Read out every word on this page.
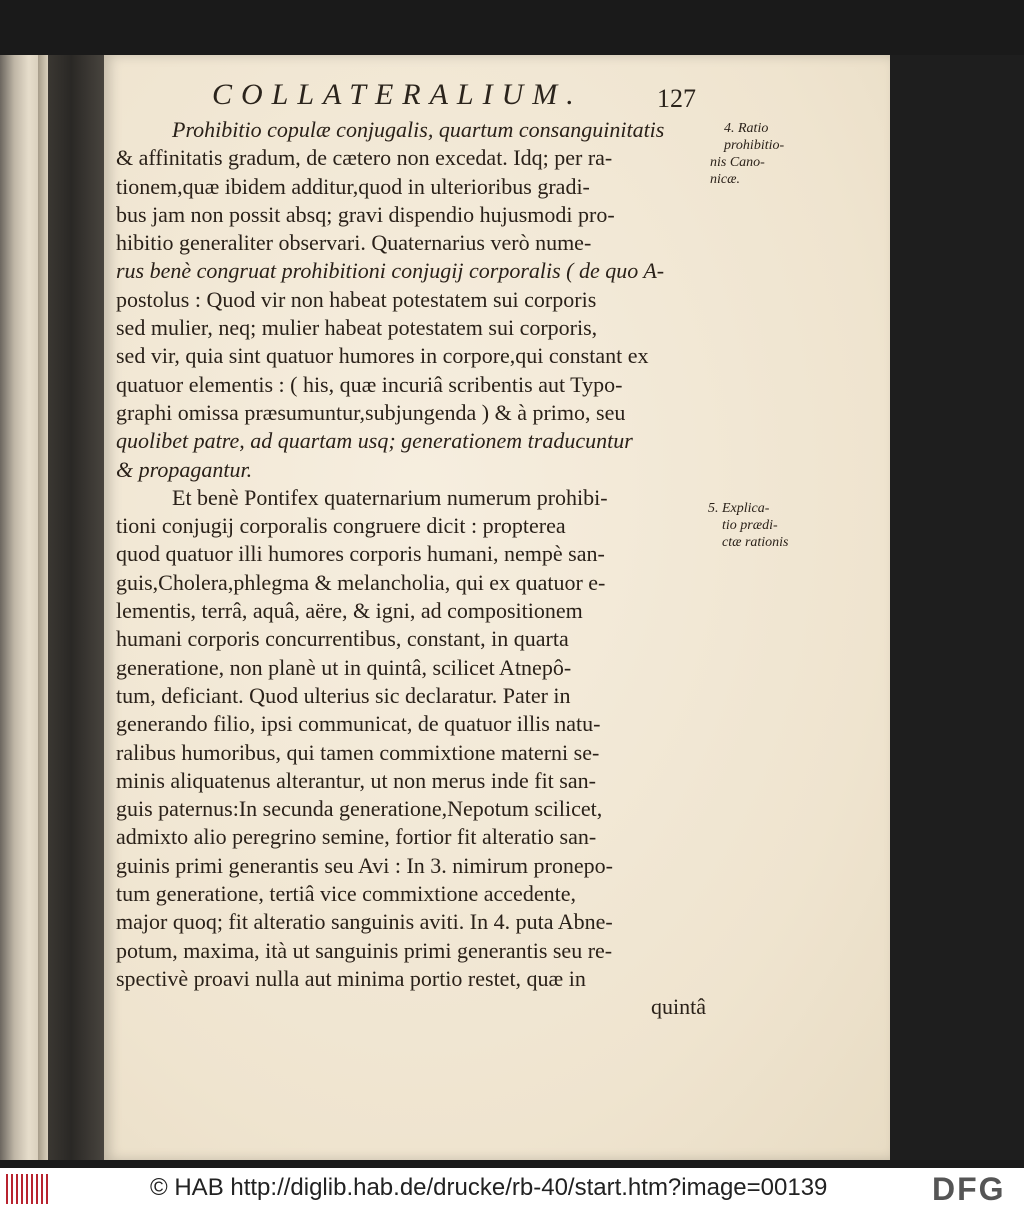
COLLATERALIUM.	127
Prohibitio copulæ conjugalis, quartum consanguinitatis
& affinitatis gradum, de cætero non excedat. Idq; per ra-
tionem,quæ ibidem additur,quod in ulterioribus gradi-
bus jam non possit absq; gravi dispendio hujusmodi pro-
hibitio generaliter observari. Quaternarius verò nume-
rus benè congruat prohibitioni conjugij corporalis ( de quo A-
postolus : Quod vir non habeat potestatem sui corporis
sed mulier, neq; mulier habeat potestatem sui corporis,
sed vir, quia sint quatuor humores in corpore,qui constant ex
quatuor elementis : ( his, quæ incuriâ scribentis aut Typo-
graphi omissa præsumuntur,subjungenda ) & à primo, seu
quolibet patre, ad quartam usq; generationem traducuntur
& propagantur.
Et benè Pontifex quaternarium numerum prohibi-
tioni conjugij corporalis congruere dicit : propterea
quod quatuor illi humores corporis humani, nempè san-
guis,Cholera,phlegma & melancholia, qui ex quatuor e-
lementis, terrâ, aquâ, aëre, & igni, ad compositionem
humani corporis concurrentibus, constant, in quarta
generatione, non planè ut in quintâ, scilicet Atnepô-
tum, deficiant. Quod ulterius sic declaratur. Pater in
generando filio, ipsi communicat, de quatuor illis natu-
ralibus humoribus, qui tamen commixtione materni se-
minis aliquatenus alterantur, ut non merus inde fit san-
guis paternus:In secunda generatione,Nepotum scilicet,
admixto alio peregrino semine, fortior fit alteratio san-
guinis primi generantis seu Avi : In 3. nimirum pronepo-
tum generatione, tertiâ vice commixtione accedente,
major quoq; fit alteratio sanguinis aviti. In 4. puta Abne-
potum, maxima, ità ut sanguinis primi generantis seu re-
spectivè proavi nulla aut minima portio restet, quæ in
quintâ
4. Ratio
prohibitio-
nis Cano-
nicæ.
5. Explica-
tio prædi-
ctæ rationis
© HAB http://diglib.hab.de/drucke/rb-40/start.htm?image=00139	DFG
